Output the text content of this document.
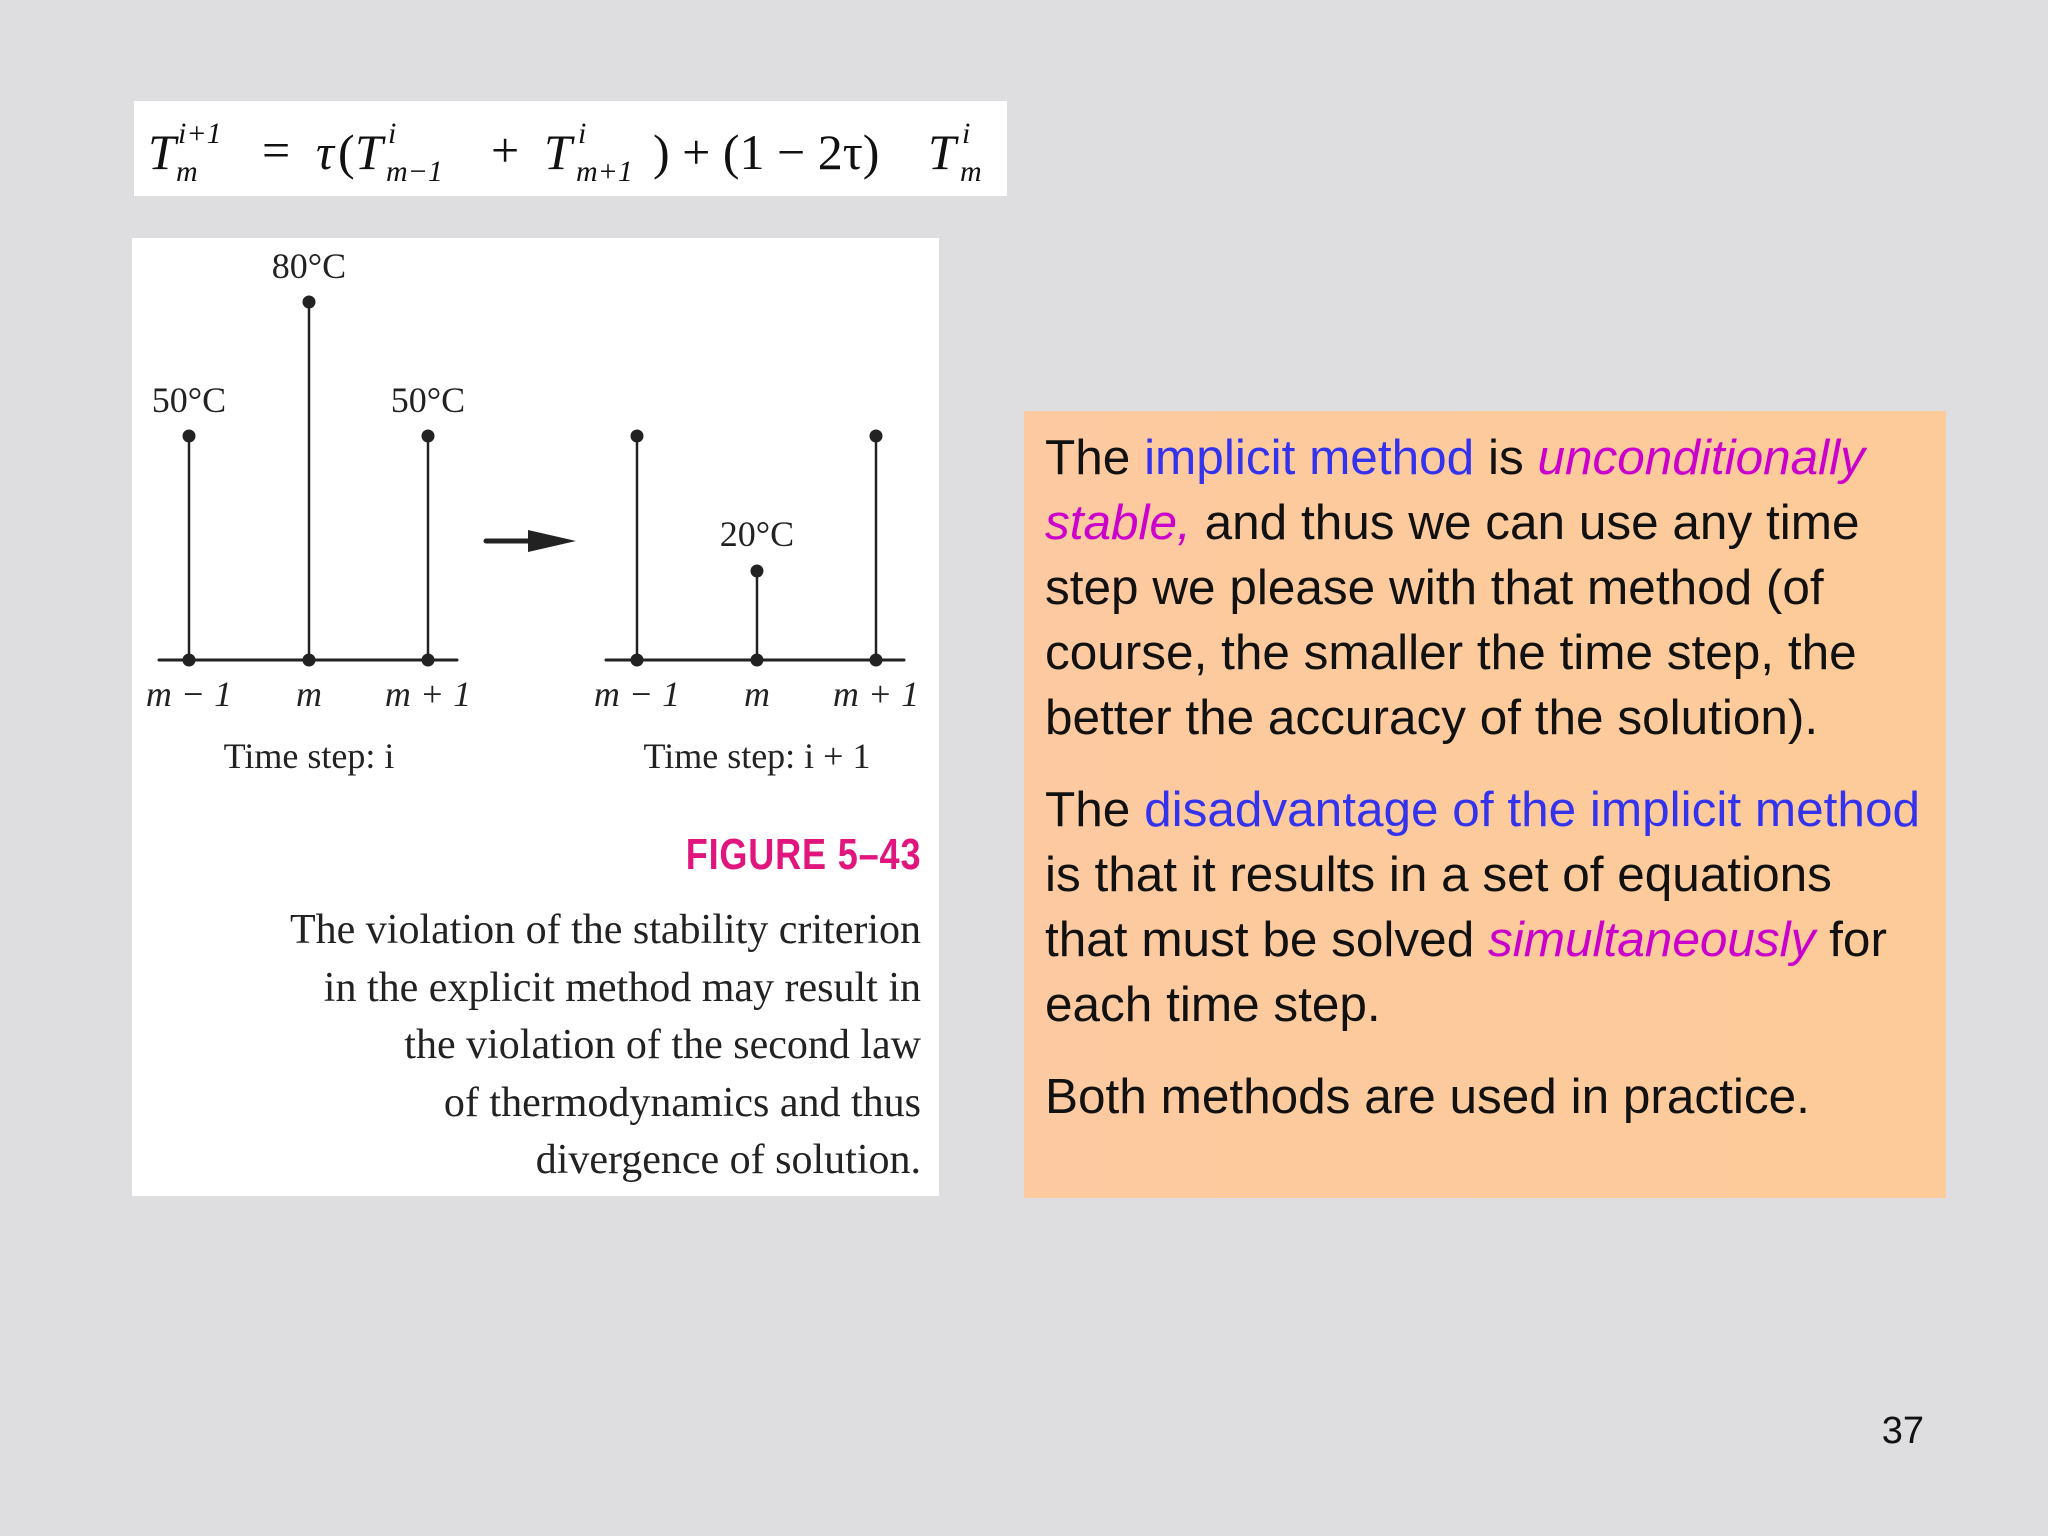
T i+1
m = τ ( T i
m−1 + T i
m+1 ) + (1 − 2τ) T i
m
50°C
80°C
50°C
m − 1 m m + 1
Time step: i
20°C
m − 1 m m + 1
Time step: i + 1
FIGURE 5–43
The violation of the stability criterion
in the explicit method may result in
the violation of the second law
of thermodynamics and thus
divergence of solution.

The implicit method is unconditionally stable, and thus we can use any time step we please with that method (of course, the smaller the time step, the better the accuracy of the solution).

The disadvantage of the implicit method is that it results in a set of equations that must be solved simultaneously for each time step.

Both methods are used in practice.

37
